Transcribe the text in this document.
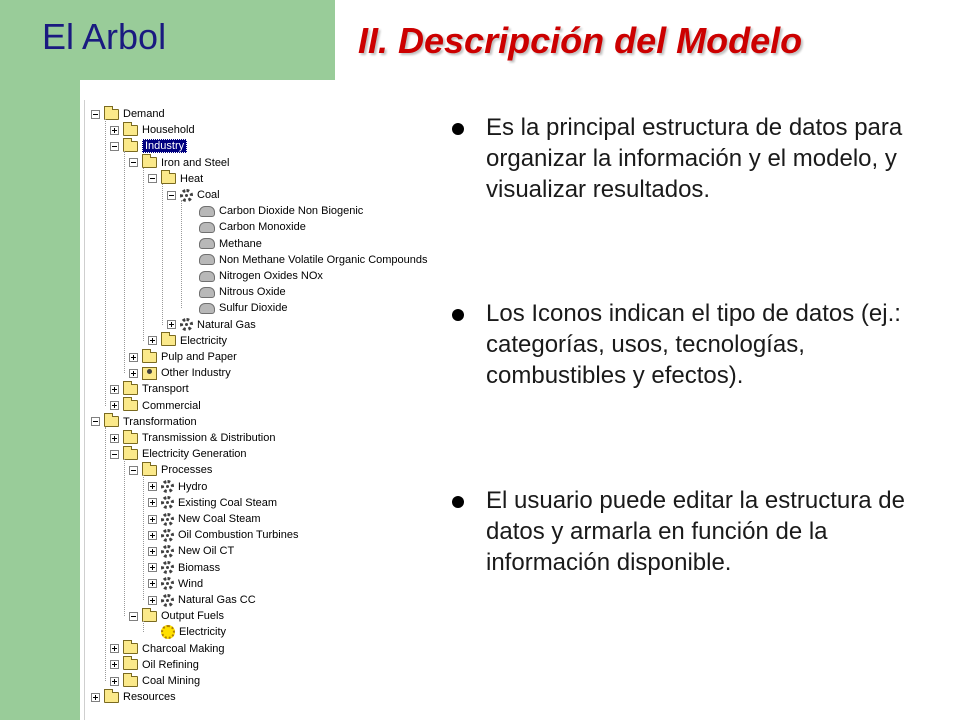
El Arbol	II. Descripción del Modelo
Demand
Household
Industry
Iron and Steel
Heat
Coal
Carbon Dioxide Non Biogenic
Carbon Monoxide
Methane
Non Methane Volatile Organic Compounds
Nitrogen Oxides NOx
Nitrous Oxide
Sulfur Dioxide
Natural Gas
Electricity
Pulp and Paper
Other Industry
Transport
Commercial
Transformation
Transmission & Distribution
Electricity Generation
Processes
Hydro
Existing Coal Steam
New Coal Steam
Oil Combustion Turbines
New Oil CT
Biomass
Wind
Natural Gas CC
Output Fuels
Electricity
Charcoal Making
Oil Refining
Coal Mining
Resources
Es la principal estructura de datos para organizar la información y el modelo, y visualizar resultados.
Los Iconos indican el tipo de datos (ej.: categorías, usos, tecnologías, combustibles y efectos).
El usuario puede editar la estructura de datos y armarla en función de la información disponible.
